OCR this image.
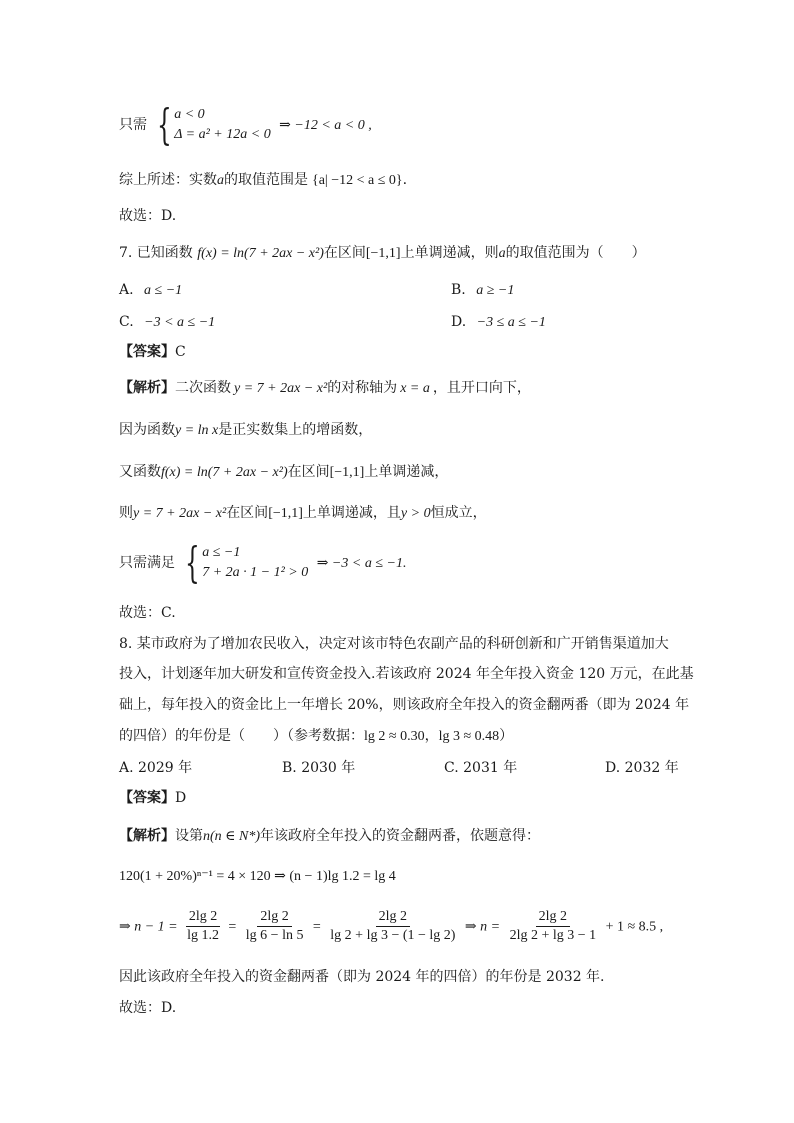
只需 { a < 0
Δ = a² + 12a < 0
⇒ −12 < a < 0 ,
综上所述：实数a的取值范围是 {a| −12 < a ≤ 0}.
故选：D.
7. 已知函数 f(x) = ln(7 + 2ax − x²)在区间[−1,1]上单调递减，则a的取值范围为（　　）
A. a ≤ −1	B. a ≥ −1
C. −3 < a ≤ −1	D. −3 ≤ a ≤ −1
【答案】C
【解析】二次函数 y = 7 + 2ax − x²的对称轴为 x = a ，且开口向下，
因为函数y = ln x是正实数集上的增函数，
又函数f(x) = ln(7 + 2ax − x²)在区间[−1,1]上单调递减，
则y = 7 + 2ax − x²在区间[−1,1]上单调递减，且y > 0恒成立，
只需满足 { a ≤ −1
7 + 2a · 1 − 1² > 0
⇒ −3 < a ≤ −1.
故选：C.
8. 某市政府为了增加农民收入，决定对该市特色农副产品的科研创新和广开销售渠道加大
投入，计划逐年加大研发和宣传资金投入.若该政府 2024 年全年投入资金 120 万元，在此基
础上，每年投入的资金比上一年增长 20%，则该政府全年投入的资金翻两番（即为 2024 年
的四倍）的年份是（　　）（参考数据：lg 2 ≈ 0.30，lg 3 ≈ 0.48）
A. 2029 年	B. 2030 年	C. 2031 年	D. 2032 年
【答案】D
【解析】设第n(n ∈ N*)年该政府全年投入的资金翻两番，依题意得：
120(1 + 20%)ⁿ⁻¹ = 4 × 120 ⇒ (n − 1)lg 1.2 = lg 4
⇒ $n - 1 = \frac{2\lg 2}{\lg 1.2} = \frac{2\lg 2}{\lg 6 - \ln 5} = \frac{2\lg 2}{\lg 2 + \lg 3 - (1 - \lg 2)}$ ⇒ $n = \frac{2\lg 2}{2\lg 2 + \lg 3 - 1} + 1 \approx 8.5$ ,
因此该政府全年投入的资金翻两番（即为 2024 年的四倍）的年份是 2032 年.
故选：D.
